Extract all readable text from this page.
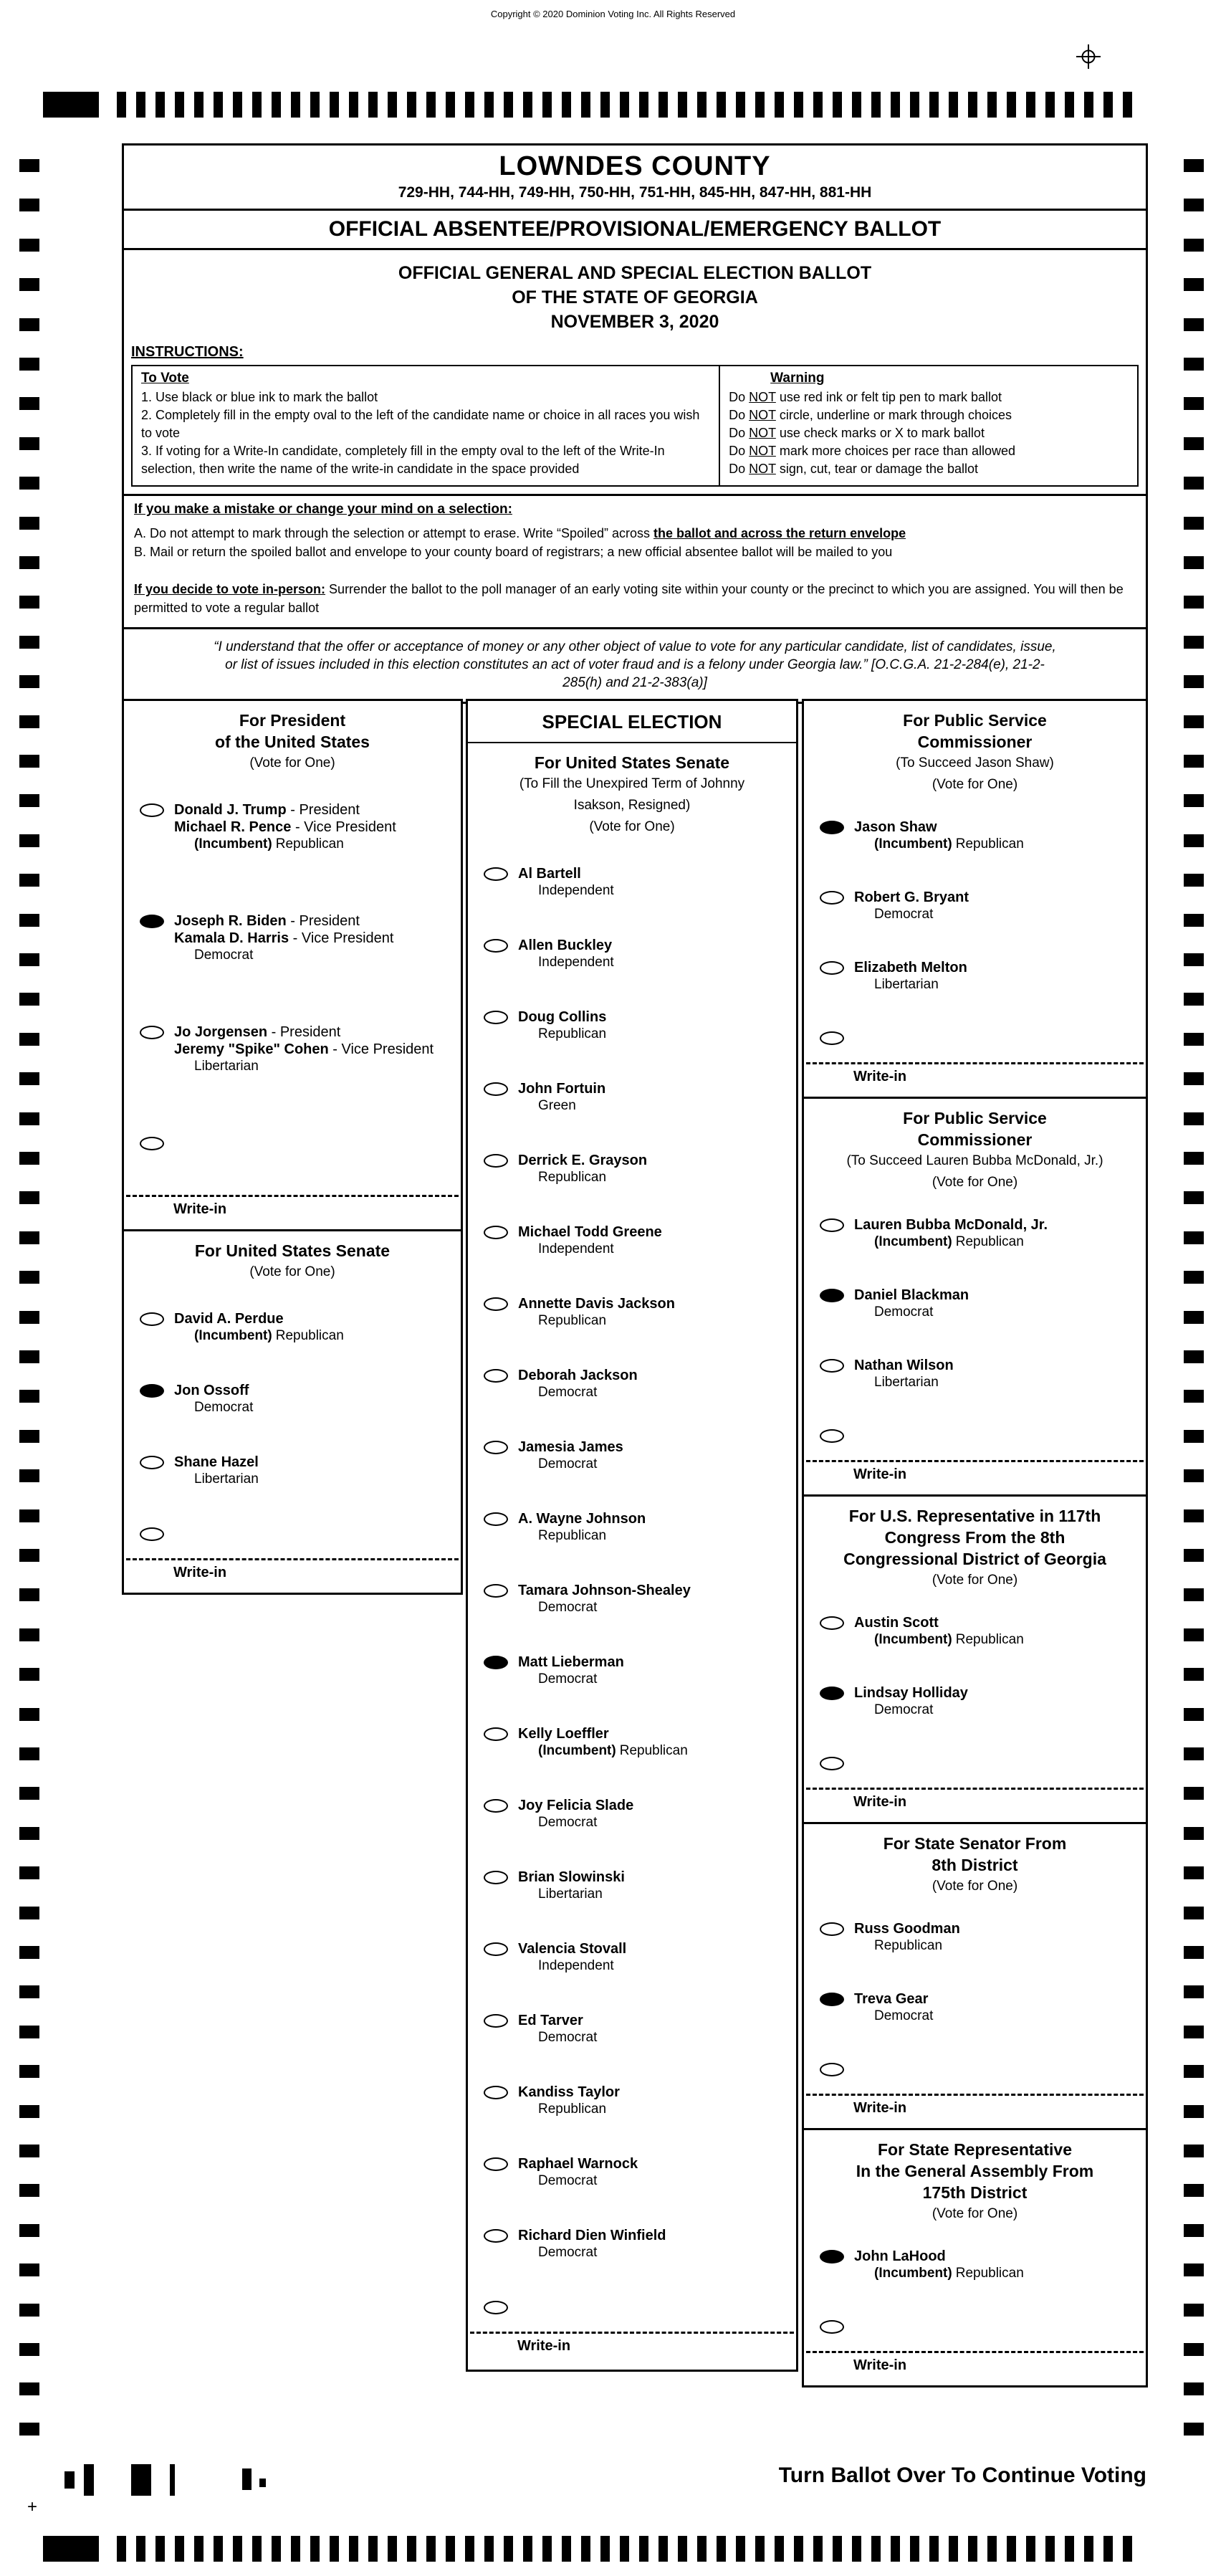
Copyright © 2020 Dominion Voting Inc. All Rights Reserved
LOWNDES COUNTY
729-HH, 744-HH, 749-HH, 750-HH, 751-HH, 845-HH, 847-HH, 881-HH
OFFICIAL ABSENTEE/PROVISIONAL/EMERGENCY BALLOT
OFFICIAL GENERAL AND SPECIAL ELECTION BALLOT
OF THE STATE OF GEORGIA
NOVEMBER 3, 2020
INSTRUCTIONS:
To Vote
1. Use black or blue ink to mark the ballot
2. Completely fill in the empty oval to the left of the candidate name or choice in all races you wish to vote
3. If voting for a Write-In candidate, completely fill in the empty oval to the left of the Write-In selection, then write the name of the write-in candidate in the space provided
Warning
Do NOT use red ink or felt tip pen to mark ballot
Do NOT circle, underline or mark through choices
Do NOT use check marks or X to mark ballot
Do NOT mark more choices per race than allowed
Do NOT sign, cut, tear or damage the ballot
If you make a mistake or change your mind on a selection:
A. Do not attempt to mark through the selection or attempt to erase. Write “Spoiled” across the ballot and across the return envelope
B. Mail or return the spoiled ballot and envelope to your county board of registrars; a new official absentee ballot will be mailed to you
If you decide to vote in-person: Surrender the ballot to the poll manager of an early voting site within your county or the precinct to which you are assigned. You will then be permitted to vote a regular ballot
“I understand that the offer or acceptance of money or any other object of value to vote for any particular candidate, list of candidates, issue, or list of issues included in this election constitutes an act of voter fraud and is a felony under Georgia law.” [O.C.G.A. 21-2-284(e), 21-2-285(h) and 21-2-383(a)]
For President
of the United States
(Vote for One)
Donald J. Trump - President
Michael R. Pence - Vice President
(Incumbent) Republican
Joseph R. Biden - President
Kamala D. Harris - Vice President
Democrat
Jo Jorgensen - President
Jeremy "Spike" Cohen - Vice President
Libertarian
Write-in
For United States Senate
(Vote for One)
David A. Perdue
(Incumbent) Republican
Jon Ossoff
Democrat
Shane Hazel
Libertarian
Write-in
SPECIAL ELECTION
For United States Senate
(To Fill the Unexpired Term of Johnny
Isakson, Resigned)
(Vote for One)
Al Bartell
Independent
Allen Buckley
Independent
Doug Collins
Republican
John Fortuin
Green
Derrick E. Grayson
Republican
Michael Todd Greene
Independent
Annette Davis Jackson
Republican
Deborah Jackson
Democrat
Jamesia James
Democrat
A. Wayne Johnson
Republican
Tamara Johnson-Shealey
Democrat
Matt Lieberman
Democrat
Kelly Loeffler
(Incumbent) Republican
Joy Felicia Slade
Democrat
Brian Slowinski
Libertarian
Valencia Stovall
Independent
Ed Tarver
Democrat
Kandiss Taylor
Republican
Raphael Warnock
Democrat
Richard Dien Winfield
Democrat
Write-in
For Public Service
Commissioner
(To Succeed Jason Shaw)
(Vote for One)
Jason Shaw
(Incumbent) Republican
Robert G. Bryant
Democrat
Elizabeth Melton
Libertarian
Write-in
For Public Service
Commissioner
(To Succeed Lauren Bubba McDonald, Jr.)
(Vote for One)
Lauren Bubba McDonald, Jr.
(Incumbent) Republican
Daniel Blackman
Democrat
Nathan Wilson
Libertarian
Write-in
For U.S. Representative in 117th
Congress From the 8th
Congressional District of Georgia
(Vote for One)
Austin Scott
(Incumbent) Republican
Lindsay Holliday
Democrat
Write-in
For State Senator From
8th District
(Vote for One)
Russ Goodman
Republican
Treva Gear
Democrat
Write-in
For State Representative
In the General Assembly From
175th District
(Vote for One)
John LaHood
(Incumbent) Republican
Write-in
Turn Ballot Over To Continue Voting
+
